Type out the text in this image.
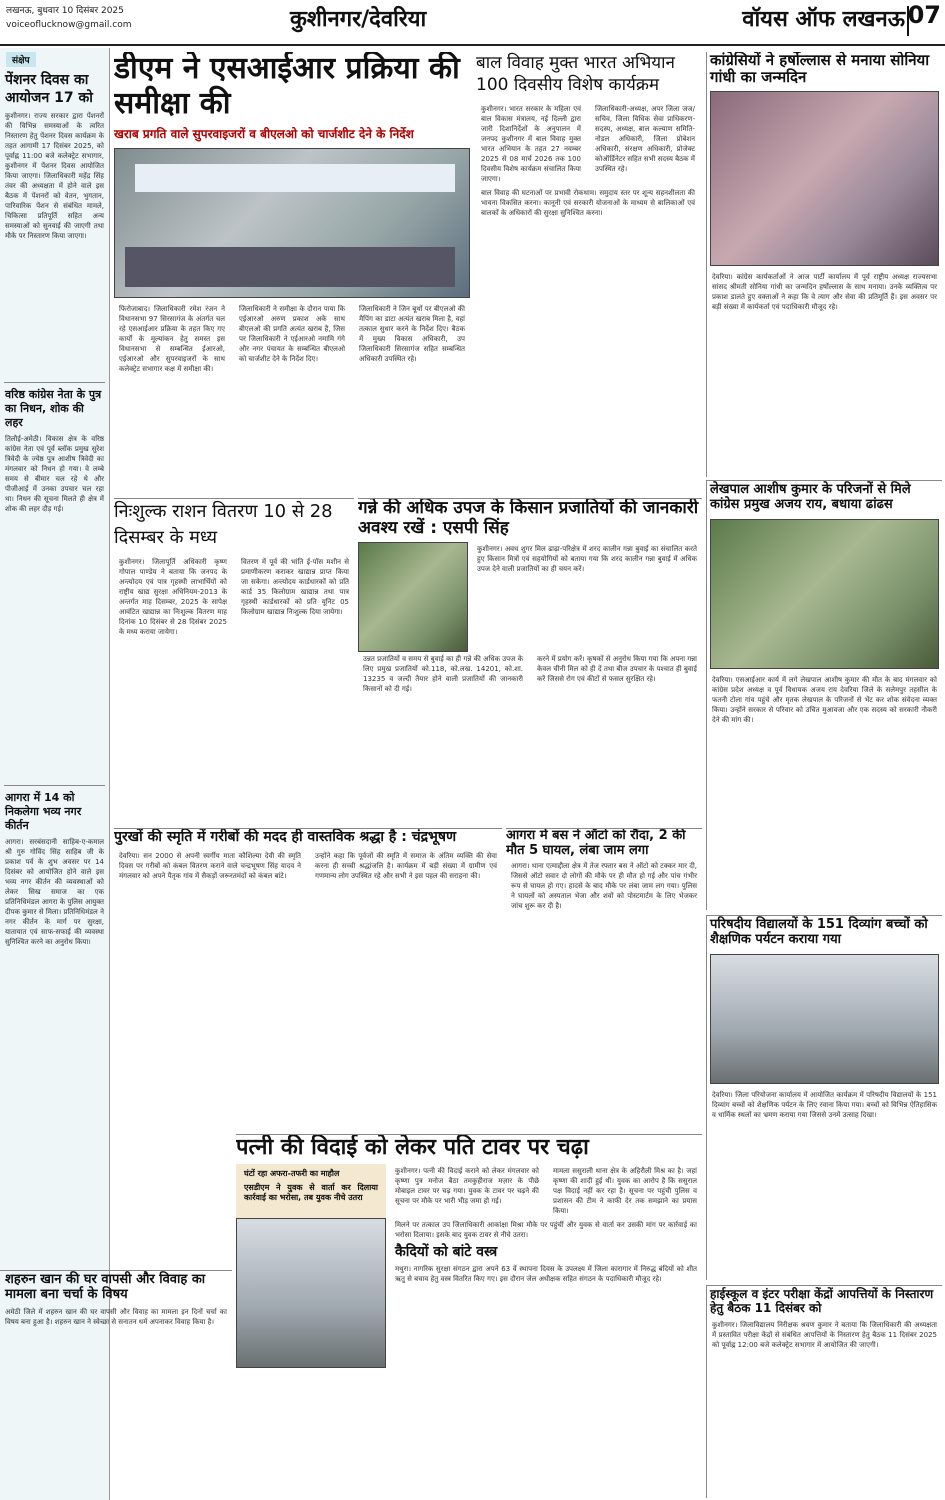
लखनऊ, बुधवार 10 दिसंबर 2025
voiceoflucknow@gmail.com	कुशीनगर/देवरिया	वॉयस ऑफ लखनऊ 07
संक्षेप
पेंशनर दिवस का आयोजन 17 को
कुशीनगर। राज्य सरकार द्वारा पेंशनरों की विभिन्न समस्याओं के त्वरित निस्तारण हेतु पेंशनर दिवस कार्यक्रम के तहत आगामी 17 दिसंबर 2025, को पूर्वाह्न 11:00 बजे कलेक्ट्रेट सभागार, कुशीनगर में पेंशनर दिवस आयोजित किया जाएगा। जिलाधिकारी महेंद्र सिंह तंवर की अध्यक्षता में होने वाले इस बैठक में पेंशनरों को वेतन, भुगतान, पारिवारिक पेंशन से संबंधित मामले, चिकित्सा प्रतिपूर्ति सहित अन्य समस्याओं को सुनवाई की जाएगी तथा मौके पर निस्तारण किया जाएगा।
वरिष्ठ कांग्रेस नेता के पुत्र का निधन, शोक की लहर
तिलौई-अमेठी। विकास क्षेत्र के वरिष्ठ कांग्रेस नेता एवं पूर्व ब्लॉक प्रमुख सुरेश त्रिवेदी के ज्येष्ठ पुत्र आशीष त्रिवेदी का मंगलवार को निधन हो गया। वे लम्बे समय से बीमार चल रहे थे और पीजीआई में उनका उपचार चल रहा था। निधन की सूचना मिलते ही क्षेत्र में शोक की लहर दौड़ गई।
आगरा में 14 को निकलेगा भव्य नगर कीर्तन
आगरा। सरबंसदानी साहिब-ए-कमाल श्री गुरु गोविंद सिंह साहिब जी के प्रकाश पर्व के शुभ अवसर पर 14 दिसंबर को आयोजित होने वाले इस भव्य नगर कीर्तन की व्यवस्थाओं को लेकर सिख समाज का एक प्रतिनिधिमंडल आगरा के पुलिस आयुक्त दीपक कुमार से मिला। प्रतिनिधिमंडल ने नगर कीर्तन के मार्ग पर सुरक्षा, यातायात एवं साफ-सफाई की व्यवस्था सुनिश्चित करने का अनुरोध किया।
डीएम ने एसआईआर प्रक्रिया की समीक्षा की
खराब प्रगति वाले सुपरवाइजरों व बीएलओ को चार्जशीट देने के निर्देश
फिरोजाबाद। जिलाधिकारी रमेश रंजन ने विधानसभा 97 सिरसागंज के अंतर्गत चल रहे एसआईआर प्रक्रिया के तहत किए गए कार्यों के मूल्यांकन हेतु समस्त इस विधानसभा से सम्बन्धित ईआरओ, एईआरओ और सुपरवाइजरों के साथ कलेक्ट्रेट सभागार कक्ष में समीक्षा की।
जिलाधिकारी ने समीक्षा के दौरान पाया कि एईआरओ अरुण प्रकाश अके साथ बीएलओ की प्रगति अत्यंत खराब है, जिस पर जिलाधिकारी ने एईआरओ नमामि गंगे और नगर पंचायत के सम्बन्धित बीएलओ को चार्जशीट देने के निर्देश दिए।
जिलाधिकारी ने जिन बूथों पर बीएलओ की मैपिंग का डाटा अत्यंत खराब मिला है, वहां तत्काल सुधार करने के निर्देश दिए। बैठक में मुख्य विकास अधिकारी, उप जिलाधिकारी सिरसागंज सहित सम्बन्धित अधिकारी उपस्थित रहे।
बाल विवाह मुक्त भारत अभियान 100 दिवसीय विशेष कार्यक्रम
कुशीनगर। भारत सरकार के महिला एवं बाल विकास मंत्रालय, नई दिल्ली द्वारा जारी दिशानिर्देशों के अनुपालन में जनपद कुशीनगर में बाल विवाह मुक्त भारत अभियान के तहत 27 नवम्बर 2025 से 08 मार्च 2026 तक 100 दिवसीय विशेष कार्यक्रम संचालित किया जाएगा।
जिलाधिकारी-अध्यक्ष, अपर जिला जज/सचिव, जिला विधिक सेवा प्राधिकरण-सदस्य, अध्यक्ष, बाल कल्याण समिति-नोडल अधिकारी, जिला प्रोबेशन अधिकारी, संरक्षण अधिकारी, प्रोजेक्ट कोऑर्डिनेटर सहित सभी सदस्य बैठक में उपस्थित रहे।
बाल विवाह की घटनाओं पर प्रभावी रोकथाम। समुदाय स्तर पर शून्य सहनशीलता की भावना विकसित करना। कानूनी एवं सरकारी योजनाओं के माध्यम से बालिकाओं एवं बालकों के अधिकारों की सुरक्षा सुनिश्चित करना।
कांग्रेसियों ने हर्षोल्लास से मनाया सोनिया गांधी का जन्मदिन
देवरिया। कांग्रेस कार्यकर्ताओं ने आज पार्टी कार्यालय में पूर्व राष्ट्रीय अध्यक्ष राज्यसभा सांसद श्रीमती सोनिया गांधी का जन्मदिन हर्षोल्लास के साथ मनाया। उनके व्यक्तित्व पर प्रकाश डालते हुए वक्ताओं ने कहा कि वे त्याग और सेवा की प्रतिमूर्ति हैं। इस अवसर पर बड़ी संख्या में कार्यकर्ता एवं पदाधिकारी मौजूद रहे।
लेखपाल आशीष कुमार के परिजनों से मिले कांग्रेस प्रमुख अजय राय, बधाया ढांढस
देवरिया। एसआईआर कार्य में लगे लेखपाल आशीष कुमार की मौत के बाद मंगलवार को कांग्रेस प्रदेश अध्यक्ष व पूर्व विधायक अजय राय देवरिया जिले के सलेमपुर तहसील के फतनी टोला गांव पहुंचे और मृतक लेखपाल के परिजनों से भेंट कर शोक संवेदना व्यक्त किया। उन्होंने सरकार से परिवार को उचित मुआवजा और एक सदस्य को सरकारी नौकरी देने की मांग की।
निःशुल्क राशन वितरण 10 से 28 दिसम्बर के मध्य
कुशीनगर। जिलापूर्ति अधिकारी कृष्ण गोपाल पाण्डेय ने बताया कि जनपद के अन्त्योदय एवं पात्र गृहस्थी लाभार्थियों को राष्ट्रीय खाद्य सुरक्षा अधिनियम-2013 के अन्तर्गत माह दिसम्बर, 2025 के सापेक्ष आवंटित खाद्यान्न का निःशुल्क वितरण माह दिनांक 10 दिसंबर से 28 दिसंबर 2025 के मध्य कराया जायेगा।
वितरण में पूर्व की भांति ई-पॉस मशीन से प्रमाणीकरण कराकर खाद्यान्न प्राप्त किया जा सकेगा। अन्त्योदय कार्डधारकों को प्रति कार्ड 35 किलोग्राम खाद्यान्न तथा पात्र गृहस्थी कार्डधारकों को प्रति यूनिट 05 किलोग्राम खाद्यान्न निःशुल्क दिया जायेगा।
गन्ने की अधिक उपज के किसान प्रजातियों की जानकारी अवश्य रखें : एसपी सिंह
कुशीनगर। अवध शुगर मिल ढाढ़ा-परिक्षेत्र में शरद कालीन गन्ना बुवाई का संचालित करते हुए किसान मित्रों एवं सहयोगियों को बताया गया कि शरद कालीन गन्ना बुवाई में अधिक उपज देने वाली प्रजातियों का ही चयन करें।
उन्नत प्रजातियों व समय से बुवाई का ही गन्ने की अधिक उपज के लिए प्रमुख प्रजातियों को.118, को.लख. 14201, को.शा. 13235 व जल्दी तैयार होने वाली प्रजातियों की जानकारी किसानों को दी गई।
करने में प्रयोग करें। कृषकों से अनुरोध किया गया कि अपना गन्ना केवल चीनी मिल को ही दें तथा बीज उपचार के पश्चात ही बुवाई करें जिससे रोग एवं कीटों से फसल सुरक्षित रहे।
पुरखों की स्मृति में गरीबों की मदद ही वास्तविक श्रद्धा है : चंद्रभूषण
देवरिया। सन 2000 से अपनी स्वर्गीय माता कौशिल्या देवी की स्मृति दिवस पर गरीबों को कंबल वितरण कराने वाले चन्द्रभूषण सिंह यादव ने मंगलवार को अपने पैतृक गांव में सैकड़ों जरूरतमंदों को कंबल बांटे।
उन्होंने कहा कि पूर्वजों की स्मृति में समाज के अंतिम व्यक्ति की सेवा करना ही सच्ची श्रद्धांजलि है। कार्यक्रम में बड़ी संख्या में ग्रामीण एवं गणमान्य लोग उपस्थित रहे और सभी ने इस पहल की सराहना की।
आगरा में बस ने ऑटो को रौंदा, 2 की मौत 5 घायल, लंबा जाम लगा
आगरा। थाना एत्माद्दौला क्षेत्र में तेज रफ्तार बस ने ऑटो को टक्कर मार दी, जिससे ऑटो सवार दो लोगों की मौके पर ही मौत हो गई और पांच गंभीर रूप से घायल हो गए। हादसे के बाद मौके पर लंबा जाम लग गया। पुलिस ने घायलों को अस्पताल भेजा और शवों को पोस्टमार्टम के लिए भेजकर जांच शुरू कर दी है।
परिषदीय विद्यालयों के 151 दिव्यांग बच्चों को शैक्षणिक पर्यटन कराया गया
देवरिया। जिला परियोजना कार्यालय में आयोजित कार्यक्रम में परिषदीय विद्यालयों के 151 दिव्यांग बच्चों को शैक्षणिक पर्यटन के लिए रवाना किया गया। बच्चों को विभिन्न ऐतिहासिक व धार्मिक स्थलों का भ्रमण कराया गया जिससे उनमें उत्साह दिखा।
शहरुन खान की घर वापसी और विवाह का मामला बना चर्चा के विषय
अमेठी जिले में शहरुन खान की घर वापसी और विवाह का मामला इन दिनों चर्चा का विषय बना हुआ है। शहरुन खान ने स्वेच्छा से सनातन धर्म अपनाकर विवाह किया है।
पत्नी की विदाई को लेकर पति टावर पर चढ़ा
घंटों रहा अफरा-तफरी का माहौल
एसडीएम ने युवक से वार्ता कर दिलाया कार्रवाई का भरोसा, तब युवक नीचे उतरा
कुशीनगर। पत्नी की विदाई कराने को लेकर मंगलवार को कृष्णा पुत्र मनोज बैठा तमकुहीराज मज़ार के पीछे मोबाइल टावर पर चढ़ गया। युवक के टावर पर चढ़ने की सूचना पर मौके पर भारी भीड़ जमा हो गई।
मामला ससुराली थाना क्षेत्र के अहिरौली मिश्र का है। जहां कृष्णा की शादी हुई थी। युवक का आरोप है कि ससुराल पक्ष विदाई नहीं कर रहा है। सूचना पर पहुंची पुलिस व प्रशासन की टीम ने काफी देर तक समझाने का प्रयास किया।
मिलने पर तत्काल उप जिलाधिकारी आकांक्षा मिश्रा मौके पर पहुंचीं और युवक से वार्ता कर उसकी मांग पर कार्रवाई का भरोसा दिलाया। इसके बाद युवक टावर से नीचे उतरा।
कैदियों को बांटे वस्त्र
मथुरा। नागरिक सुरक्षा संगठन द्वारा अपने 63 वें स्थापना दिवस के उपलक्ष्य में जिला कारागार में निरुद्ध बंदियों को शीत ऋतु से बचाव हेतु वस्त्र वितरित किए गए। इस दौरान जेल अधीक्षक सहित संगठन के पदाधिकारी मौजूद रहे।
हाईस्कूल व इंटर परीक्षा केंद्रों आपत्तियों के निस्तारण हेतु बैठक 11 दिसंबर को
कुशीनगर। जिलाविद्यालय निरीक्षक श्रवण कुमार ने बताया कि जिलाधिकारी की अध्यक्षता में प्रस्तावित परीक्षा केंद्रों से संबंधित आपत्तियों के निस्तारण हेतु बैठक 11 दिसंबर 2025 को पूर्वाह्न 12:00 बजे कलेक्ट्रेट सभागार में आयोजित की जाएगी।
